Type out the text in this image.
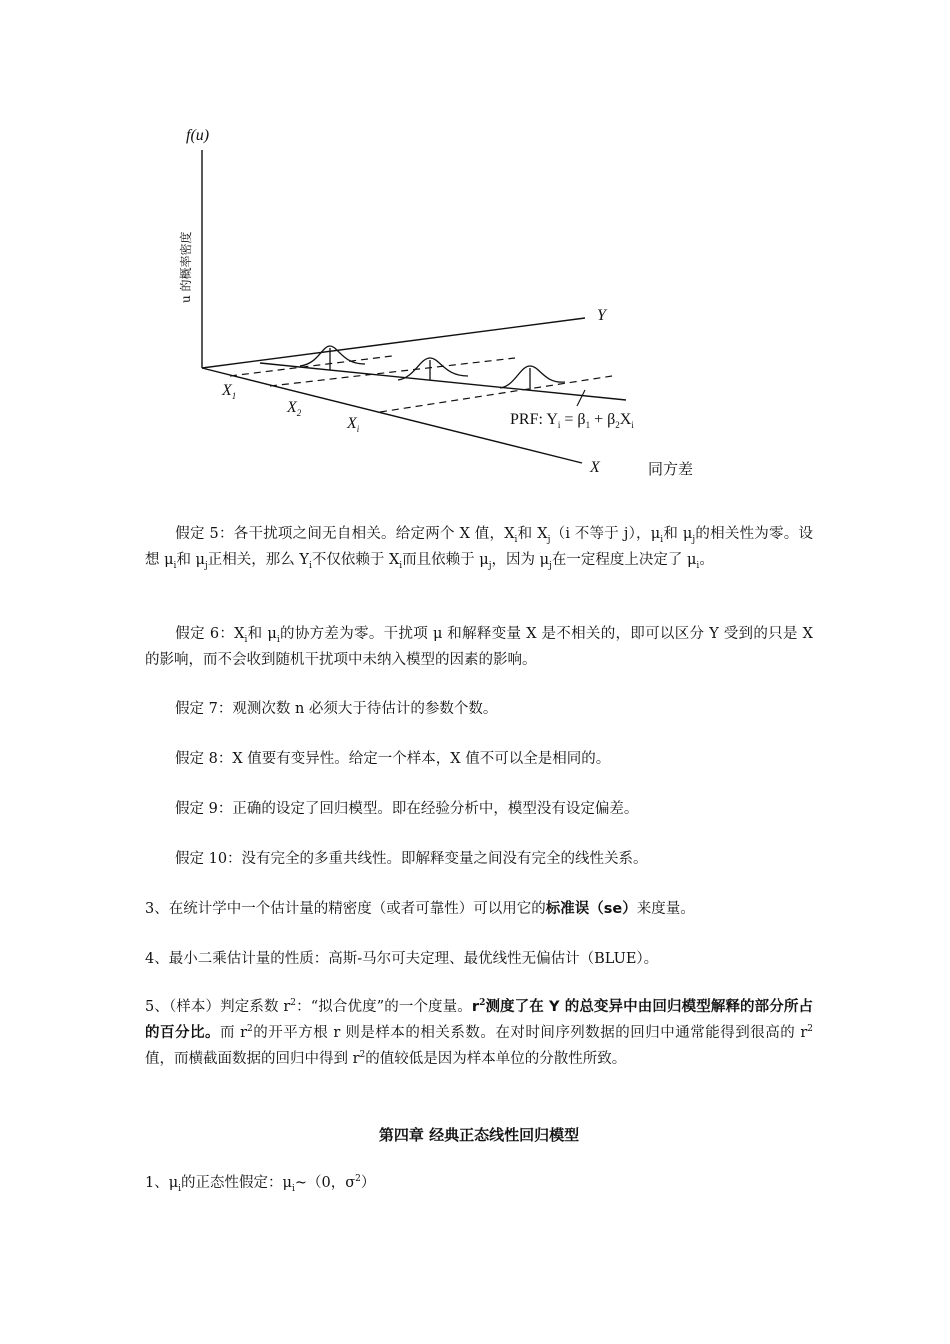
f(u)
u 的概率密度
Y
X
$X_1$
$X_2$
$X_i$
PRF: $Y_i = \beta_1 + \beta_2X_i$
同方差
假定 5：各干扰项之间无自相关。给定两个 X 值，$X_i$和 $X_j(i$ 不等于 j），$\mu_i$和 $\mu_j$的相关性为零。设想 $\mu_i$和 $\mu_j$正相关，那么 $Y_i$不仅依赖于 $X_i$而且依赖于 $\mu_j$，因为 $\mu_j$在一定程度上决定了 $\mu_i$。
假定 6：$X_i$和 $\mu_i$的协方差为零。干扰项 μ 和解释变量 X 是不相关的，即可以区分 Y 受到的只是 X 的影响，而不会收到随机干扰项中未纳入模型的因素的影响。
假定 7：观测次数 n 必须大于待估计的参数个数。
假定 8：X 值要有变异性。给定一个样本，X 值不可以全是相同的。
假定 9：正确的设定了回归模型。即在经验分析中，模型没有设定偏差。
假定 10：没有完全的多重共线性。即解释变量之间没有完全的线性关系。
3、在统计学中一个估计量的精密度（或者可靠性）可以用它的标准误（se）来度量。
4、最小二乘估计量的性质：高斯-马尔可夫定理、最优线性无偏估计（BLUE）。
5、（样本）判定系数 $r^2$：“拟合优度”的一个度量。$r^2$测度了在 Y 的总变异中由回归模型解释的部分所占的百分比。而 $r^2$的开平方根 r 则是样本的相关系数。在对时间序列数据的回归中通常能得到很高的 $r^2$值，而横截面数据的回归中得到 $r^2$的值较低是因为样本单位的分散性所致。
第四章 经典正态线性回归模型
1、$\mu_i$的正态性假定：$\mu_i\sim(0$，$\sigma^2$）
